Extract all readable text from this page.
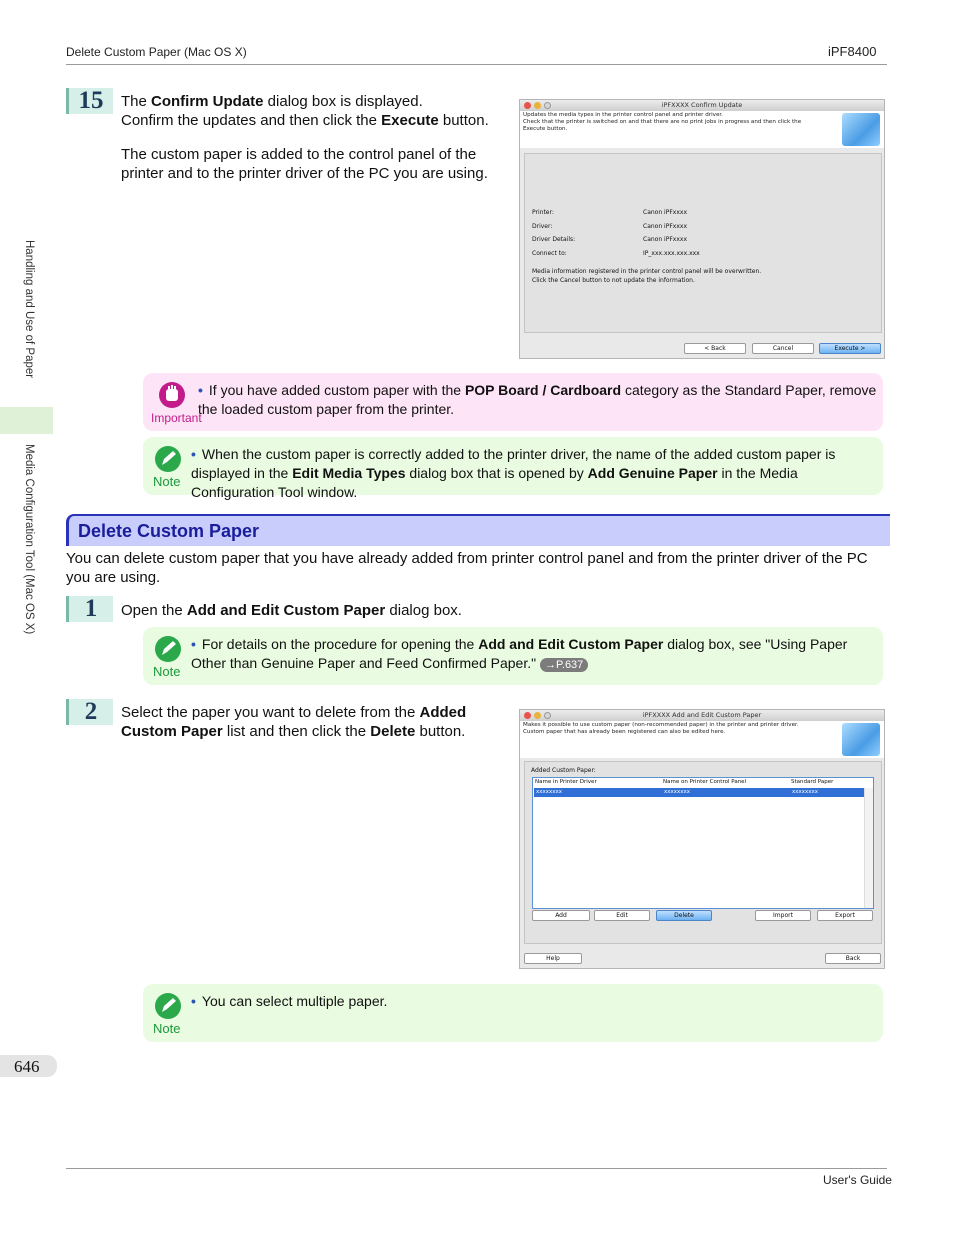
Delete Custom Paper (Mac OS X)	iPF8400
Handling and Use of Paper
Media Configuration Tool (Mac OS X)
15	The Confirm Update dialog box is displayed.
Confirm the updates and then click the Execute button.
The custom paper is added to the control panel of the printer and to the printer driver of the PC you are using.
iPFXXXX Confirm Update
Updates the media types in the printer control panel and printer driver.
Check that the printer is switched on and that there are no print jobs in progress and then click the Execute button.
Printer:	Canon iPFxxxx
Driver:	Canon iPFxxxx
Driver Details:	Canon iPFxxxx
Connect to:	IP_xxx.xxx.xxx.xxx
Media information registered in the printer control panel will be overwritten.
Click the Cancel button to not update the information.
< Back	Cancel	Execute >
Important
• If you have added custom paper with the POP Board / Cardboard category as the Standard Paper, remove the loaded custom paper from the printer.
Note
• When the custom paper is correctly added to the printer driver, the name of the added custom paper is displayed in the Edit Media Types dialog box that is opened by Add Genuine Paper in the Media Configuration Tool window.
Delete Custom Paper
You can delete custom paper that you have already added from printer control panel and from the printer driver of the PC you are using.
1	Open the Add and Edit Custom Paper dialog box.
Note
• For details on the procedure for opening the Add and Edit Custom Paper dialog box, see "Using Paper Other than Genuine Paper and Feed Confirmed Paper." →P.637
2	Select the paper you want to delete from the Added Custom Paper list and then click the Delete button.
iPFXXXX Add and Edit Custom Paper
Makes it possible to use custom paper (non-recommended paper) in the printer and printer driver.
Custom paper that has already been registered can also be edited here.
Added Custom Paper:
Name in Printer Driver	Name on Printer Control Panel	Standard Paper
xxxxxxxx	xxxxxxxx	xxxxxxxx
Add	Edit	Delete	Import	Export
Help	Back
Note
• You can select multiple paper.
646
User's Guide
